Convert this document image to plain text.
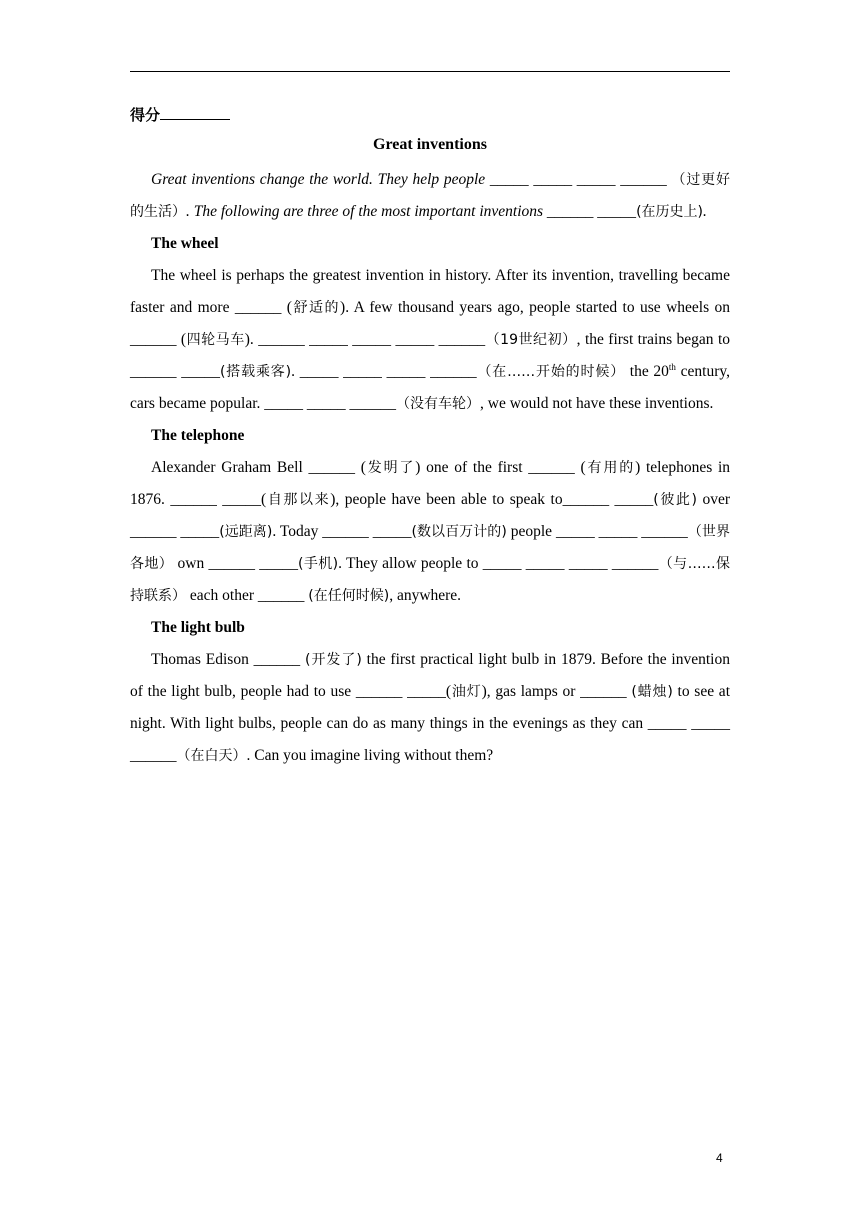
得分
Great inventions

Great inventions change the world. They help people _____ _____ _____ ______ （过更好的生活）. The following are three of the most important inventions ______ _____(在历史上).

The wheel

The wheel is perhaps the greatest invention in history. After its invention, travelling became faster and more ______ (舒适的). A few thousand years ago, people started to use wheels on ______ (四轮马车). ______ _____ _____ _____ ______（19世纪初）, the first trains began to ______ _____(搭载乘客). _____ _____ _____ ______（在……开始的时候） the 20th century, cars became popular. _____ _____ ______（没有车轮）, we would not have these inventions.

The telephone

Alexander Graham Bell ______ (发明了) one of the first ______ (有用的) telephones in 1876. ______ _____(自那以来), people have been able to speak to______ _____(彼此) over ______ _____(远距离). Today ______ _____(数以百万计的) people _____ _____ ______（世界各地） own ______ _____(手机). They allow people to _____ _____ _____ ______（与……保持联系） each other ______ (在任何时候), anywhere.

The light bulb

Thomas Edison ______ (开发了) the first practical light bulb in 1879. Before the invention of the light bulb, people had to use ______ _____(油灯), gas lamps or ______ (蜡烛) to see at night. With light bulbs, people can do as many things in the evenings as they can _____ _____ ______（在白天）. Can you imagine living without them?

4
